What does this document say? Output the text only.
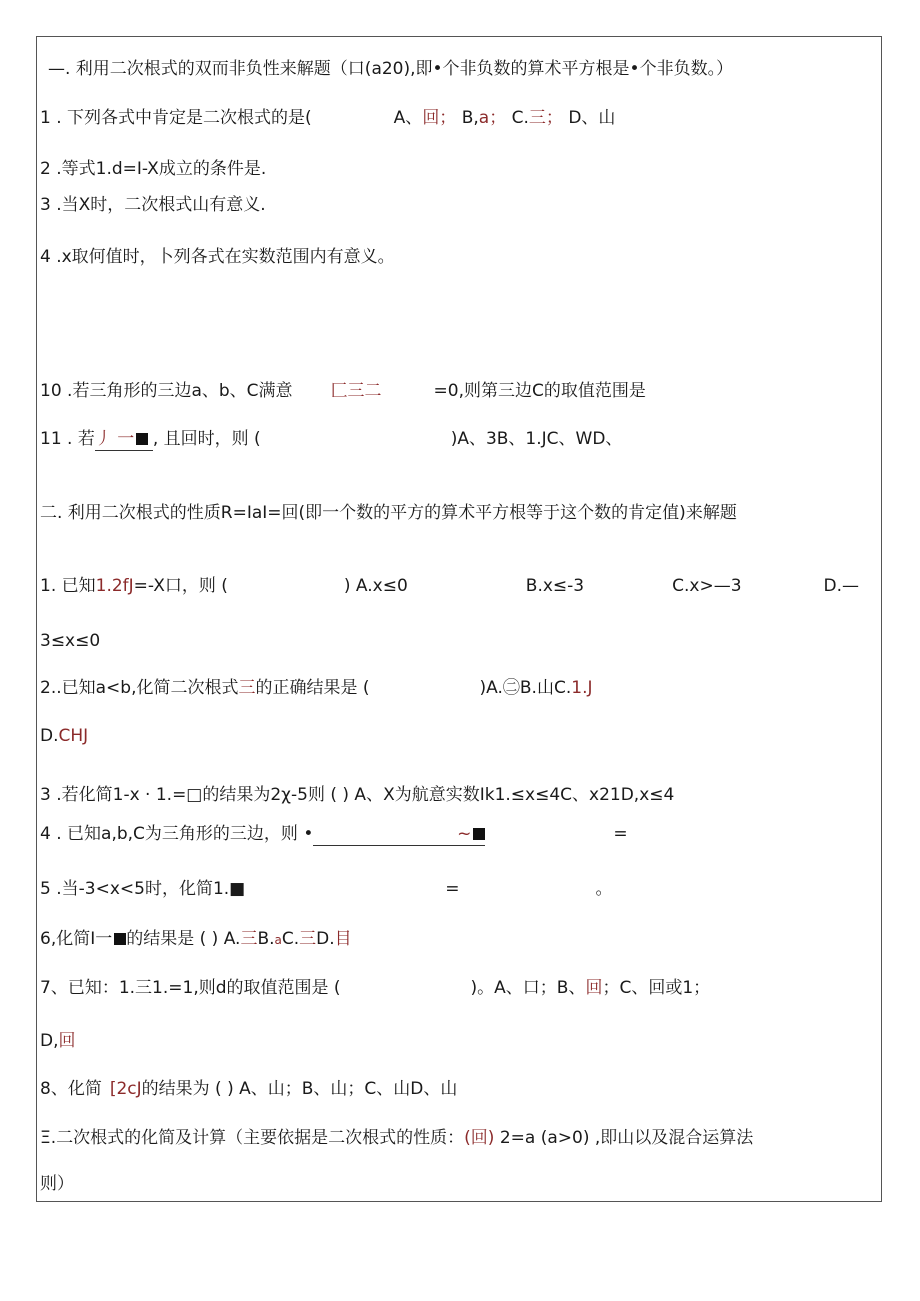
—. 利用二次根式的双而非负性来解题（口(a20),即•个非负数的算术平方根是•个非负数。）
1 . 下列各式中肯定是二次根式的是(	A、回； B,a； C.三； D、山
2 .等式1.d=I-X成立的条件是.
3 .当X时，二次根式山有意义.
4 .x取何值时，卜列各式在实数范围内有意义。
10 .若三角形的三边a、b、C满意 匚三二	=0,则第三边C的取值范围是
11 . 若丿 一 , 且回时，则 (	)A、3B、1.JC、WD、
二. 利用二次根式的性质R=IaI=回(即一个数的平方的算术平方根等于这个数的肯定值)来解题
1. 已知1.2fJ=-X口，则 (	) A.x≤0	B.x≤-3	C.x>—3	D.—
3≤x≤0
2..已知a<b,化简二次根式三的正确结果是 (	)A.㊁B.山C.1.J
D.CHJ
3 .若化简1-x · 1.=□的结果为2χ-5则 ( ) A、X为航意实数Ik1.≤x≤4C、x21D,x≤4
4 . 已知a,b,C为三角形的三边，则 •	~	=
5 .当-3<x<5时，化简1.■	=	。
6,化简I一 的结果是 ( ) A.三B.aC.三D.目
7、已知：1.三1.=1,则d的取值范围是 (	)。A、口；B、回；C、回或1；
D,回
8、化简 [2cJ的结果为 ( ) A、山；B、山；C、山D、山
Ξ.二次根式的化简及计算（主要依据是二次根式的性质：(回) 2=a (a>0) ,即山以及混合运算法
则）
